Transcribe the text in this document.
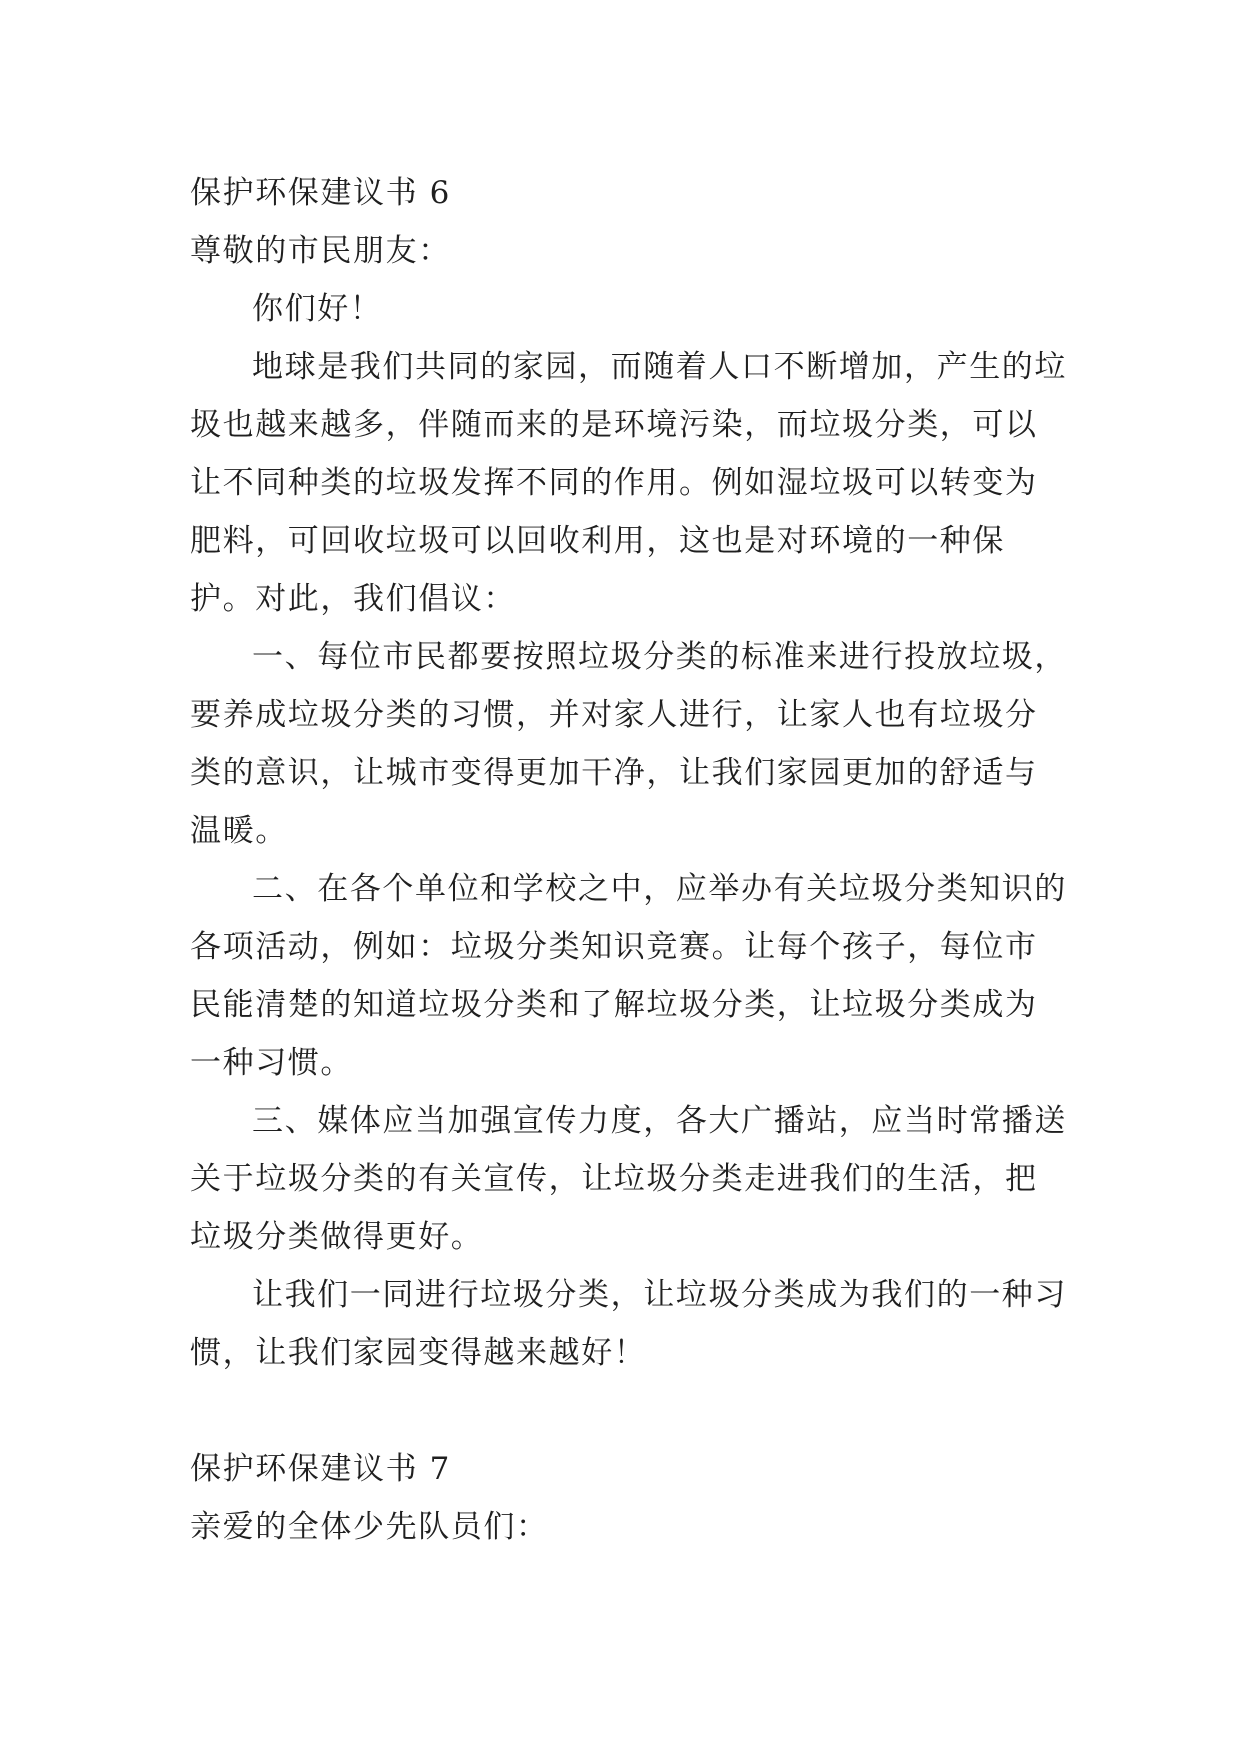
保护环保建议书 6

尊敬的市民朋友：

你们好！

地球是我们共同的家园，而随着人口不断增加，产生的垃圾也越来越多，伴随而来的是环境污染，而垃圾分类，可以让不同种类的垃圾发挥不同的作用。例如湿垃圾可以转变为肥料，可回收垃圾可以回收利用，这也是对环境的一种保护。对此，我们倡议：

一、每位市民都要按照垃圾分类的标准来进行投放垃圾，要养成垃圾分类的习惯，并对家人进行，让家人也有垃圾分类的意识，让城市变得更加干净，让我们家园更加的舒适与温暖。

二、在各个单位和学校之中，应举办有关垃圾分类知识的各项活动，例如：垃圾分类知识竞赛。让每个孩子，每位市民能清楚的知道垃圾分类和了解垃圾分类，让垃圾分类成为一种习惯。

三、媒体应当加强宣传力度，各大广播站，应当时常播送关于垃圾分类的有关宣传，让垃圾分类走进我们的生活，把垃圾分类做得更好。

让我们一同进行垃圾分类，让垃圾分类成为我们的一种习惯，让我们家园变得越来越好！

保护环保建议书 7

亲爱的全体少先队员们：
